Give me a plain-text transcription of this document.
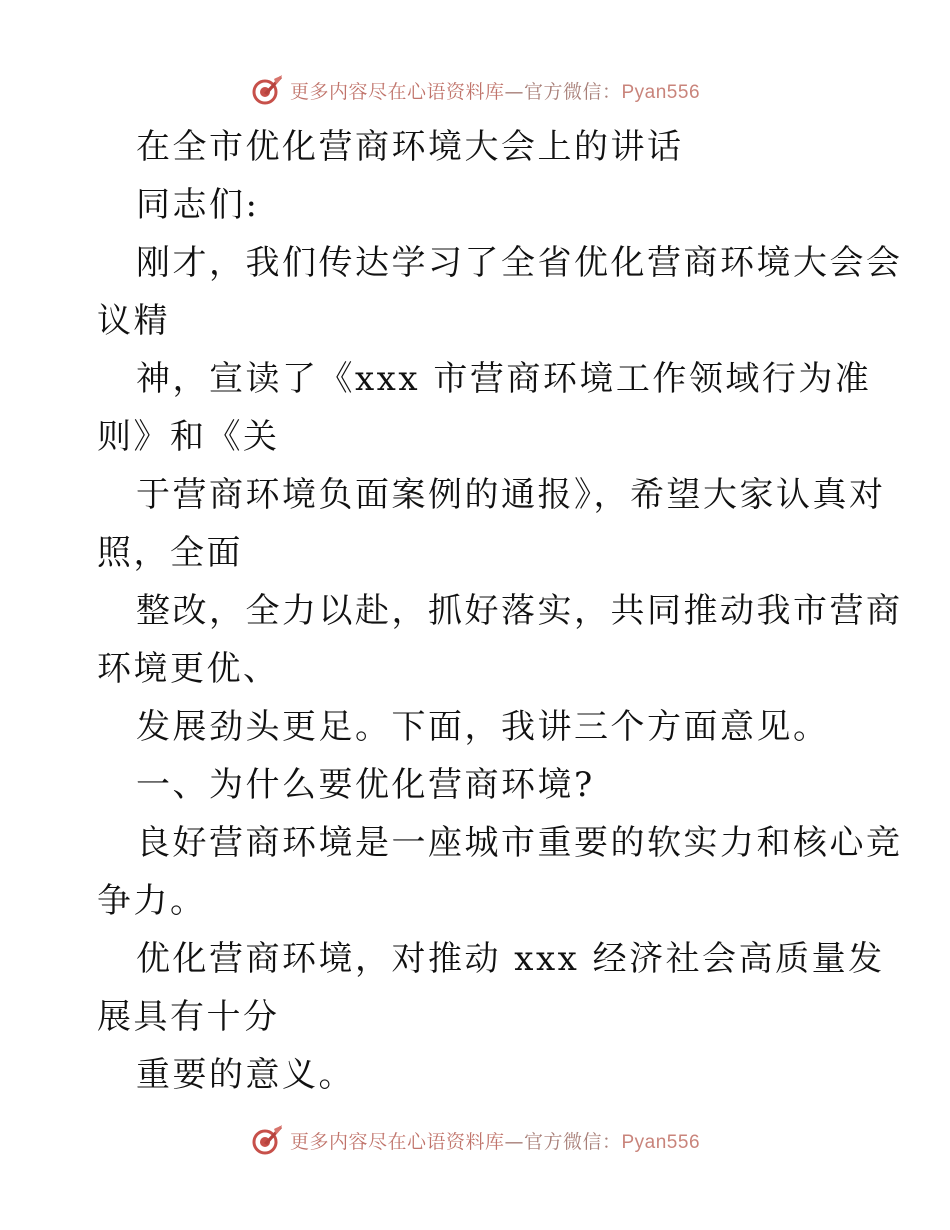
更多内容尽在心语资料库—官方微信：Pyan556
在全市优化营商环境大会上的讲话
同志们:
刚才，我们传达学习了全省优化营商环境大会会
议精
神，宣读了《xxx 市营商环境工作领域行为准
则》和《关
于营商环境负面案例的通报》，希望大家认真对
照，全面
整改，全力以赴，抓好落实，共同推动我市营商
环境更优、
发展劲头更足。下面，我讲三个方面意见。
一、为什么要优化营商环境?
良好营商环境是一座城市重要的软实力和核心竞
争力。
优化营商环境，对推动 xxx 经济社会高质量发
展具有十分
重要的意义。
更多内容尽在心语资料库—官方微信：Pyan556
